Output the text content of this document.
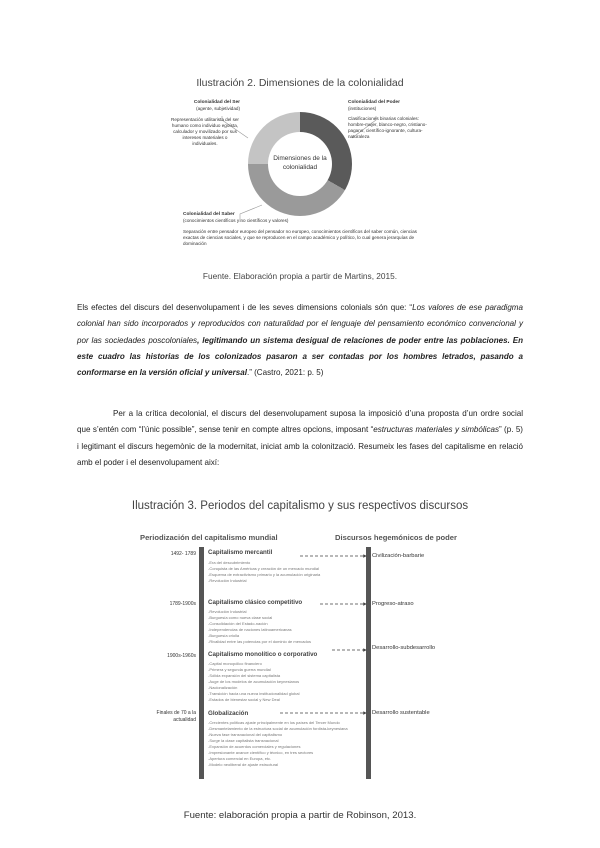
Ilustración 2. Dimensiones de la colonialidad
Dimensiones de la colonialidad
Colonialidad del Ser
(agente, subjetividad)
Representación utilitarista del ser humano como individuo egoísta, calculador y movilizado por sus intereses materiales o individuales.
Colonialidad del Poder
(instituciones)
Clasificaciones binarias coloniales: hombre-mujer, blanco-negro, cristiano-pagano, científico-ignorante, cultura-naturaleza
Colonialidad del Saber
(conocimientos científicos y no científicos y valores)
Separación entre pensador europeo del pensador no europeo, conocimientos científicos del saber común, ciencias exactas de ciencias sociales, y que se reproducen en el campo académico y político, lo cual genera jerarquías de dominación
Fuente. Elaboración propia a partir de Martins, 2015.
Els efectes del discurs del desenvolupament i de les seves dimensions colonials són que: “Los valores de ese paradigma colonial han sido incorporados y reproducidos con naturalidad por el lenguaje del pensamiento económico convencional y por las sociedades poscoloniales, legitimando un sistema desigual de relaciones de poder entre las poblaciones. En este cuadro las historias de los colonizados pasaron a ser contadas por los hombres letrados, pasando a conformarse en la versión oficial y universal.” (Castro, 2021: p. 5)
Per a la crítica decolonial, el discurs del desenvolupament suposa la imposició d’una proposta d’un ordre social que s’entén com “l’únic possible”, sense tenir en compte altres opcions, imposant “estructuras materiales y simbólicas” (p. 5) i legitimant el discurs hegemònic de la modernitat, iniciat amb la colonització. Resumeix les fases del capitalisme en relació amb el poder i el desenvolupament així:
Ilustración 3. Periodos del capitalismo y sus respectivos discursos
Periodización del capitalismo mundial	Discursos hegemónicos de poder
1492- 1789 Capitalismo mercantil
-Era del descubrimiento
-Conquista de las Américas y creación de un mercado mundial
-Esquema de extractivismo primario y la acumulación originaria
-Revolución Industrial
Civilización-barbarie
1789-1900s Capitalismo clásico competitivo
-Revolución Industrial
-Burguesía como nueva clase social
-Consolidación del Estado-nación
-Independencias de naciones latinoamericanas
-Burguesía criolla
-Rivalidad entre las potencias por el dominio de mercados
Progreso-atraso
1900s-1960s Capitalismo monolítico o corporativo
-Capital monopólico financiero
-Primera y segunda guerra mundial
-Sólida expansión del sistema capitalista
-Auge de los modelos de acumulación keynesianos
-Nacionalización
-Transición hacia una nueva institucionalidad global
-Estados de bienestar social y New Deal
Desarrollo-subdesarrollo
Finales de 70 a la actualidad
Globalización
-Crecientes políticas ajuste principalmente en los países del Tercer Mundo
-Desmantelamiento de la estructura social de acumulación fordista-keynesiana
-Nueva fase transnacional del capitalismo
-Surge la clase capitalista transnacional
-Expansión de acuerdos comerciales y regulaciones
-Impresionante avance científico y técnico, en tres sectores
-Apertura comercial en Europa, etc.
-Modelo neoliberal de ajuste estructural
Desarrollo sustentable
Fuente: elaboración propia a partir de Robinson, 2013.
